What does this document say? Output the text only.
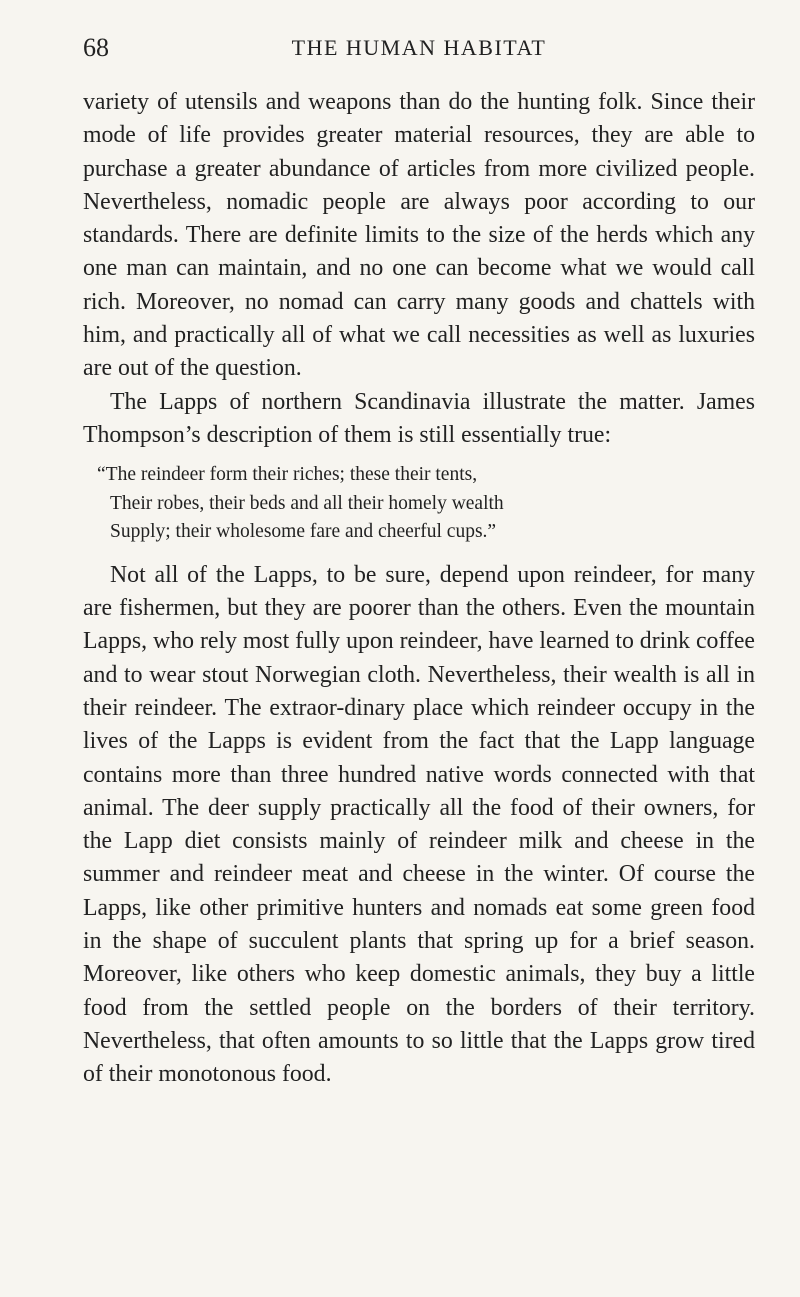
68	THE HUMAN HABITAT

variety of utensils and weapons than do the hunting folk. Since their mode of life provides greater material resources, they are able to purchase a greater abundance of articles from more civilized people. Nevertheless, nomadic people are always poor according to our standards. There are definite limits to the size of the herds which any one man can maintain, and no one can become what we would call rich. Moreover, no nomad can carry many goods and chattels with him, and practically all of what we call necessities as well as luxuries are out of the question.

The Lapps of northern Scandinavia illustrate the matter. James Thompson’s description of them is still essentially true:

“The reindeer form their riches; these their tents,
Their robes, their beds and all their homely wealth
Supply; their wholesome fare and cheerful cups.”

Not all of the Lapps, to be sure, depend upon reindeer, for many are fishermen, but they are poorer than the others. Even the mountain Lapps, who rely most fully upon reindeer, have learned to drink coffee and to wear stout Norwegian cloth. Nevertheless, their wealth is all in their reindeer. The extraor-dinary place which reindeer occupy in the lives of the Lapps is evident from the fact that the Lapp language contains more than three hundred native words connected with that animal. The deer supply practically all the food of their owners, for the Lapp diet consists mainly of reindeer milk and cheese in the summer and reindeer meat and cheese in the winter. Of course the Lapps, like other primitive hunters and nomads eat some green food in the shape of succulent plants that spring up for a brief season. Moreover, like others who keep domestic animals, they buy a little food from the settled people on the borders of their territory. Nevertheless, that often amounts to so little that the Lapps grow tired of their monotonous food.
